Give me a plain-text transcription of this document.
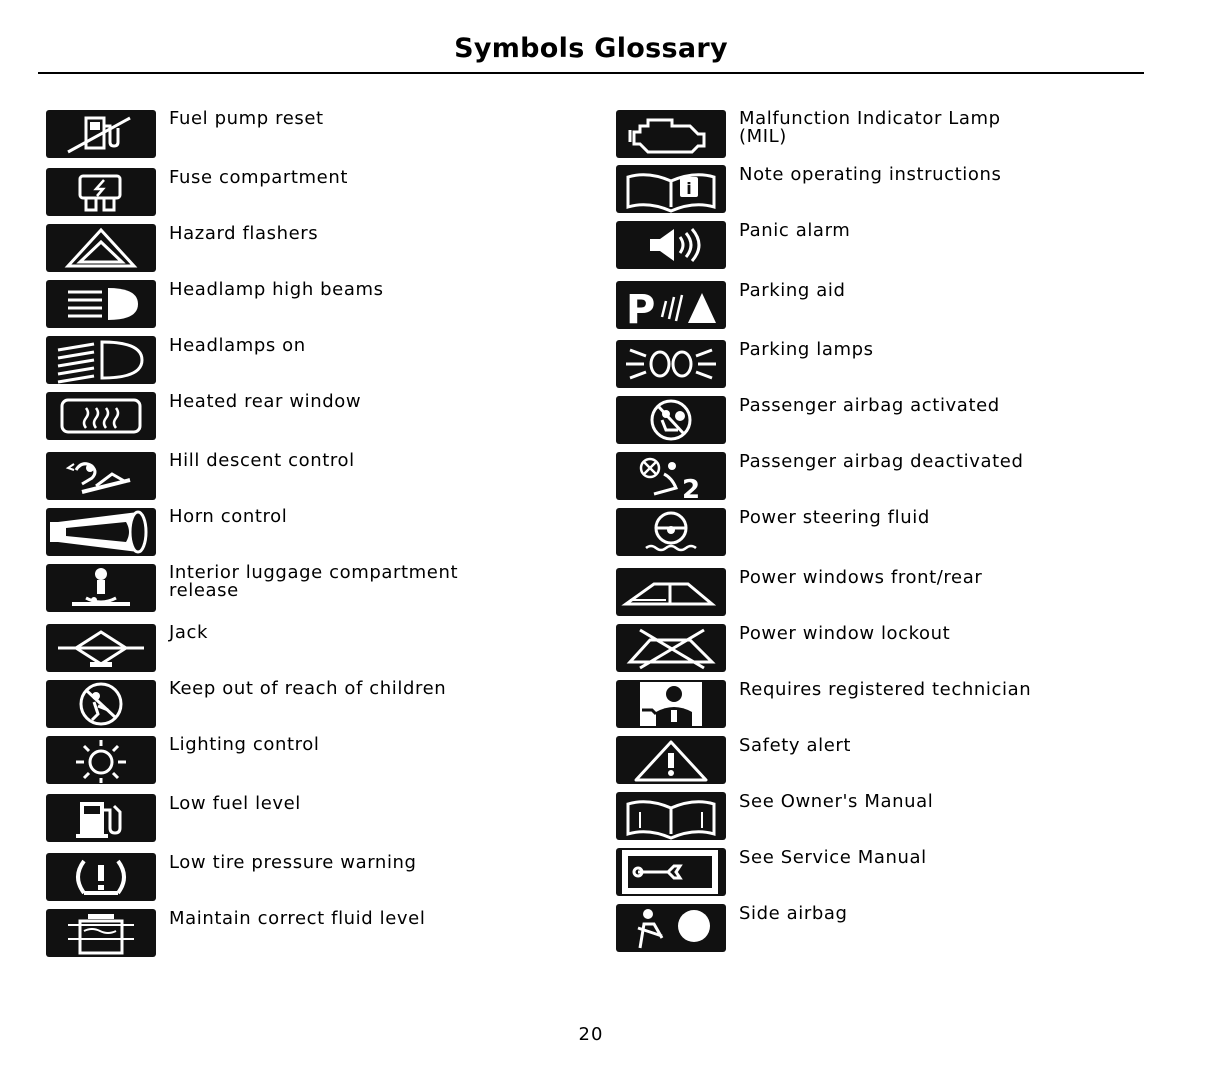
Symbols Glossary
Fuel pump reset
Fuse compartment
Hazard flashers
Headlamp high beams
Headlamps on
Heated rear window
Hill descent control
Horn control
Interior luggage compartment
release
Jack
Keep out of reach of children
Lighting control
Low fuel level
Low tire pressure warning
Maintain correct fluid level
Malfunction Indicator Lamp
(MIL)
i
Note operating instructions
Panic alarm
P	Parking aid
Parking lamps
Passenger airbag activated
2
Passenger airbag deactivated
Power steering fluid
Power windows front/rear
Power window lockout
Requires registered technician
Safety alert
See Owner's Manual
See Service Manual
Side airbag
20
